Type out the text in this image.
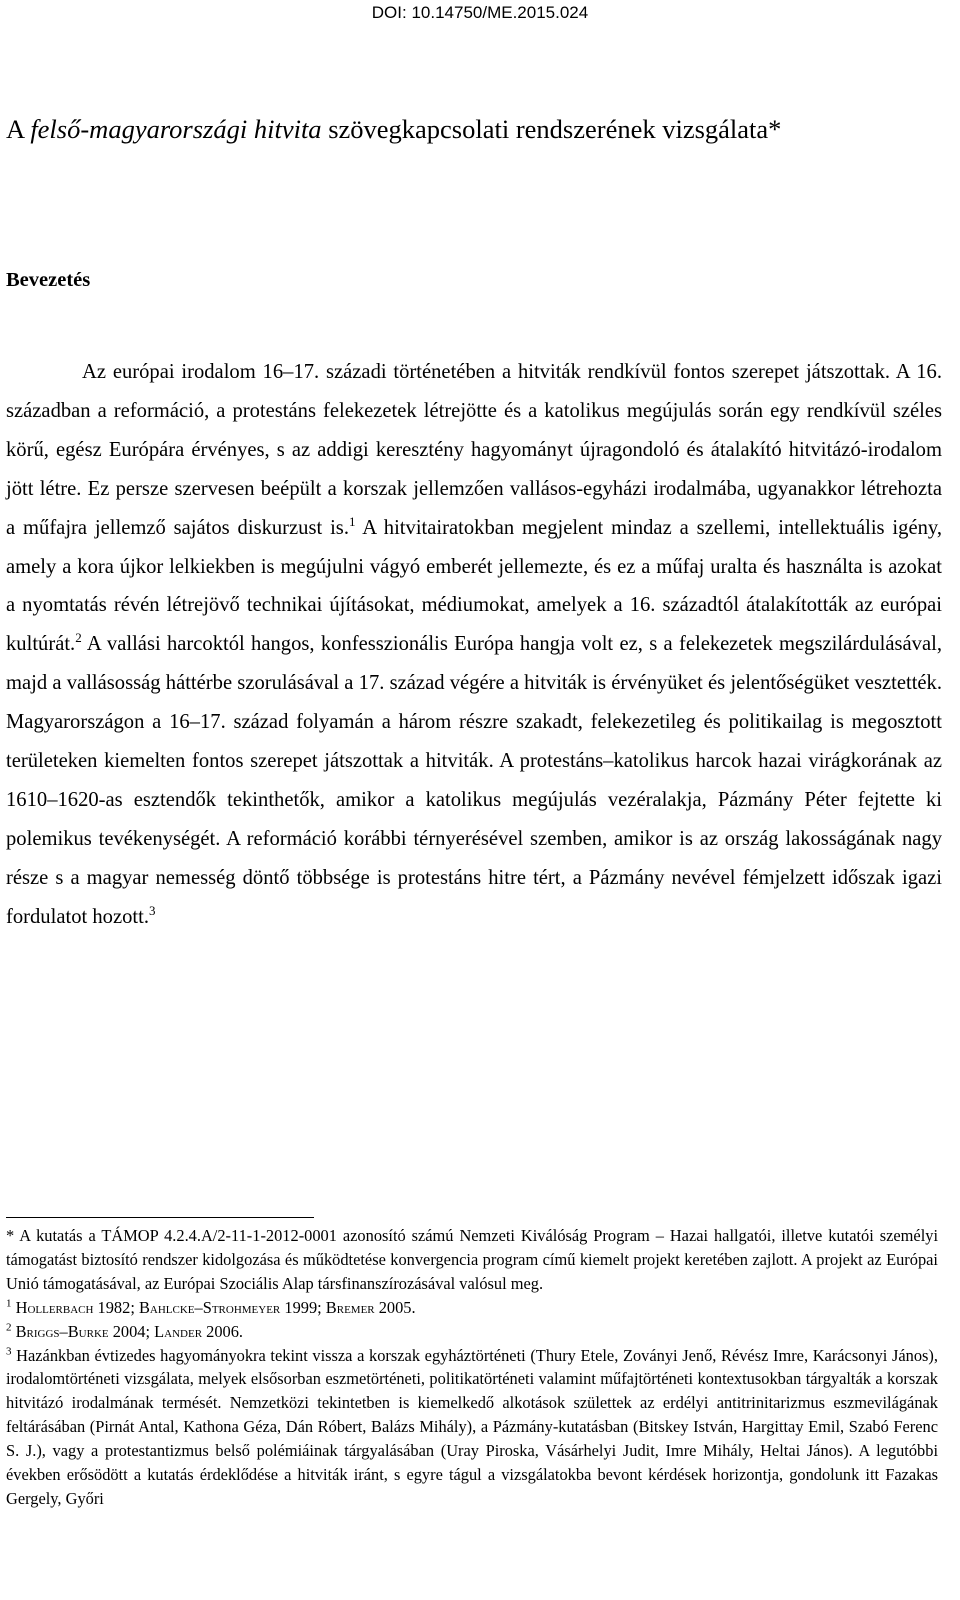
DOI: 10.14750/ME.2015.024
A felső-magyarországi hitvita szövegkapcsolati rendszerének vizsgálata*
Bevezetés

Az európai irodalom 16–17. századi történetében a hitviták rendkívül fontos szerepet játszottak. A 16. században a reformáció, a protestáns felekezetek létrejötte és a katolikus megújulás során egy rendkívül széles körű, egész Európára érvényes, s az addigi keresztény hagyományt újragondoló és átalakító hitvitázó-irodalom jött létre. Ez persze szervesen beépült a korszak jellemzően vallásos-egyházi irodalmába, ugyanakkor létrehozta a műfajra jellemző sajátos diskurzust is.$^1$ A hitvitairatokban megjelent mindaz a szellemi, intellektuális igény, amely a kora újkor lelkiekben is megújulni vágyó emberét jellemezte, és ez a műfaj uralta és használta is azokat a nyomtatás révén létrejövő technikai újításokat, médiumokat, amelyek a 16. századtól átalakították az európai kultúrát.$^2$ A vallási harcoktól hangos, konfesszionális Európa hangja volt ez, s a felekezetek megszilárdulásával, majd a vallásosság háttérbe szorulásával a 17. század végére a hitviták is érvényüket és jelentőségüket vesztették. Magyarországon a 16–17. század folyamán a három részre szakadt, felekezetileg és politikailag is megosztott területeken kiemelten fontos szerepet játszottak a hitviták. A protestáns–katolikus harcok hazai virágkorának az 1610–1620-as esztendők tekinthetők, amikor a katolikus megújulás vezéralakja, Pázmány Péter fejtette ki polemikus tevékenységét. A reformáció korábbi térnyerésével szemben, amikor is az ország lakosságának nagy része s a magyar nemesség döntő többsége is protestáns hitre tért, a Pázmány nevével fémjelzett időszak igazi fordulatot hozott.$^3$

* A kutatás a TÁMOP 4.2.4.A/2-11-1-2012-0001 azonosító számú Nemzeti Kiválóság Program – Hazai hallgatói, illetve kutatói személyi támogatást biztosító rendszer kidolgozása és működtetése konvergencia program című kiemelt projekt keretében zajlott. A projekt az Európai Unió támogatásával, az Európai Szociális Alap társfinanszírozásával valósul meg.

$^1$ Hollerbach 1982; Bahlcke–Strohmeyer 1999; Bremer 2005.

$^2$ Briggs–Burke 2004; Lander 2006.

$^3$ Hazánkban évtizedes hagyományokra tekint vissza a korszak egyháztörténeti (Thury Etele, Zoványi Jenő, Révész Imre, Karácsonyi János), irodalomtörténeti vizsgálata, melyek elsősorban eszmetörténeti, politikatörténeti valamint műfajtörténeti kontextusokban tárgyalták a korszak hitvitázó irodalmának termését. Nemzetközi tekintetben is kiemelkedő alkotások születtek az erdélyi antitrinitarizmus eszmevilágának feltárásában (Pirnát Antal, Kathona Géza, Dán Róbert, Balázs Mihály), a Pázmány-kutatásban (Bitskey István, Hargittay Emil, Szabó Ferenc S. J.), vagy a protestantizmus belső polémiáinak tárgyalásában (Uray Piroska, Vásárhelyi Judit, Imre Mihály, Heltai János). A legutóbbi években erősödött a kutatás érdeklődése a hitviták iránt, s egyre tágul a vizsgálatokba bevont kérdések horizontja, gondolunk itt Fazakas Gergely, Győri
